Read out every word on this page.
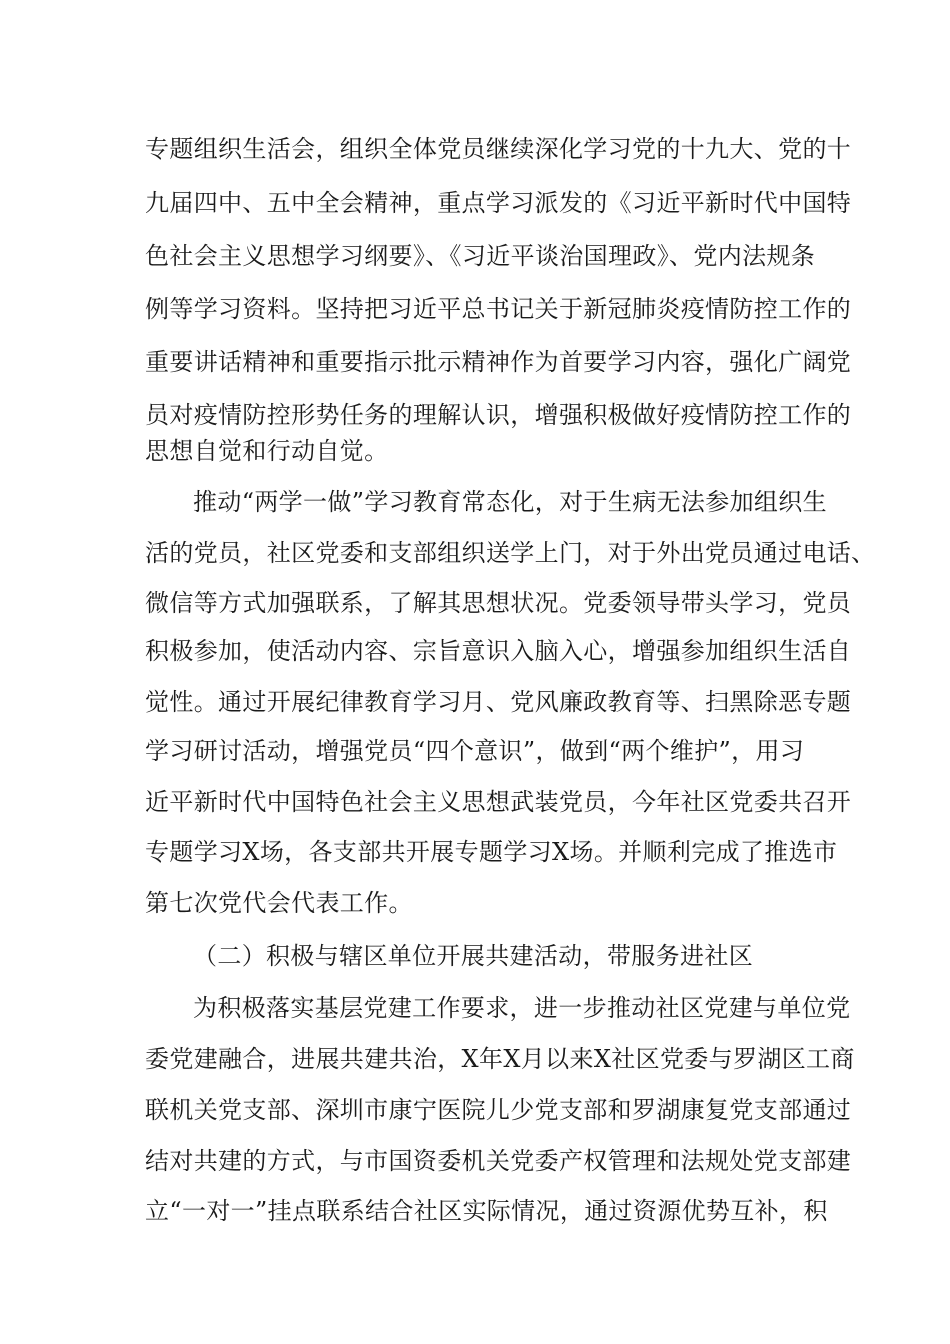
专题组织生活会，组织全体党员继续深化学习党的十九大、党的十
九届四中、五中全会精神，重点学习派发的《习近平新时代中国特
色社会主义思想学习纲要》、《习近平谈治国理政》、党内法规条
例等学习资料。坚持把习近平总书记关于新冠肺炎疫情防控工作的
重要讲话精神和重要指示批示精神作为首要学习内容，强化广阔党
员对疫情防控形势任务的理解认识，增强积极做好疫情防控工作的
思想自觉和行动自觉。
推动“两学一做”学习教育常态化，对于生病无法参加组织生
活的党员，社区党委和支部组织送学上门，对于外出党员通过电话、
微信等方式加强联系，了解其思想状况。党委领导带头学习，党员
积极参加，使活动内容、宗旨意识入脑入心，增强参加组织生活自
觉性。通过开展纪律教育学习月、党风廉政教育等、扫黑除恶专题
学习研讨活动，增强党员“四个意识”，做到“两个维护”，用习
近平新时代中国特色社会主义思想武装党员，今年社区党委共召开
专题学习X场，各支部共开展专题学习X场。并顺利完成了推选市
第七次党代会代表工作。
（二）积极与辖区单位开展共建活动，带服务进社区
为积极落实基层党建工作要求，进一步推动社区党建与单位党
委党建融合，进展共建共治，X年X月以来X社区党委与罗湖区工商
联机关党支部、深圳市康宁医院儿少党支部和罗湖康复党支部通过
结对共建的方式，与市国资委机关党委产权管理和法规处党支部建
立“一对一”挂点联系结合社区实际情况，通过资源优势互补，积
